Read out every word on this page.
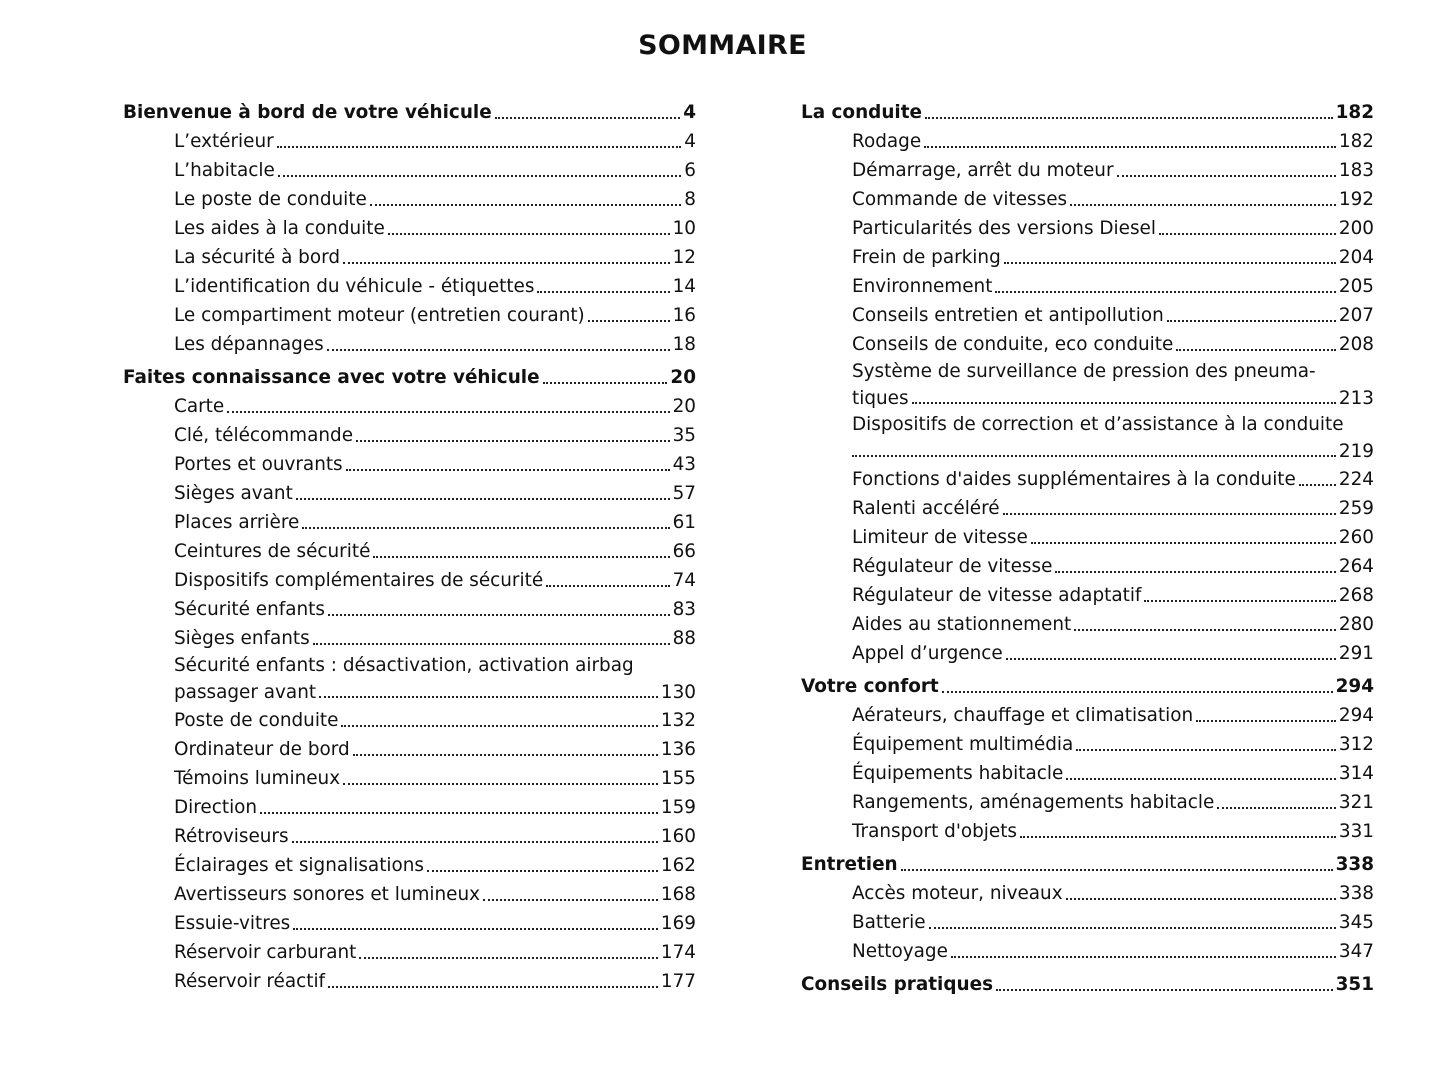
SOMMAIRE
Bienvenue à bord de votre véhicule	4
L’extérieur	4
L’habitacle	6
Le poste de conduite	8
Les aides à la conduite	10
La sécurité à bord	12
L’identification du véhicule - étiquettes	14
Le compartiment moteur (entretien courant)	16
Les dépannages	18
Faites connaissance avec votre véhicule	20
Carte	20
Clé, télécommande	35
Portes et ouvrants	43
Sièges avant	57
Places arrière	61
Ceintures de sécurité	66
Dispositifs complémentaires de sécurité	74
Sécurité enfants	83
Sièges enfants	88
Sécurité enfants : désactivation, activation airbag
passager avant	130
Poste de conduite	132
Ordinateur de bord	136
Témoins lumineux	155
Direction	159
Rétroviseurs	160
Éclairages et signalisations	162
Avertisseurs sonores et lumineux	168
Essuie-vitres	169
Réservoir carburant	174
Réservoir réactif	177
La conduite	182
Rodage	182
Démarrage, arrêt du moteur	183
Commande de vitesses	192
Particularités des versions Diesel	200
Frein de parking	204
Environnement	205
Conseils entretien et antipollution	207
Conseils de conduite, eco conduite	208
Système de surveillance de pression des pneuma-
tiques	213
Dispositifs de correction et d’assistance à la conduite
219
Fonctions d'aides supplémentaires à la conduite 224
Ralenti accéléré	259
Limiteur de vitesse	260
Régulateur de vitesse	264
Régulateur de vitesse adaptatif	268
Aides au stationnement	280
Appel d’urgence	291
Votre confort	294
Aérateurs, chauffage et climatisation	294
Équipement multimédia	312
Équipements habitacle	314
Rangements, aménagements habitacle	321
Transport d'objets	331
Entretien	338
Accès moteur, niveaux	338
Batterie	345
Nettoyage	347
Conseils pratiques	351
